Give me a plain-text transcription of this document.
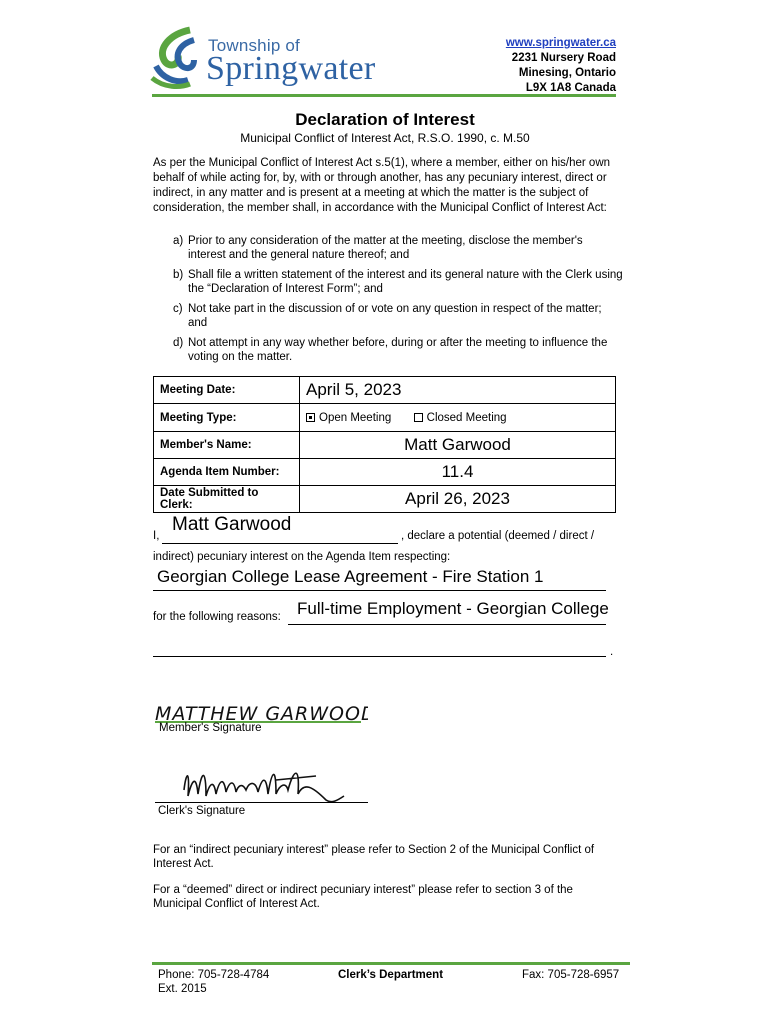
Township of
Springwater
www.springwater.ca
2231 Nursery Road
Minesing, Ontario
L9X 1A8 Canada
Declaration of Interest
Municipal Conflict of Interest Act, R.S.O. 1990, c. M.50
As per the Municipal Conflict of Interest Act s.5(1), where a member, either on his/her own behalf of while acting for, by, with or through another, has any pecuniary interest, direct or indirect, in any matter and is present at a meeting at which the matter is the subject of consideration, the member shall, in accordance with the Municipal Conflict of Interest Act:
a) Prior to any consideration of the matter at the meeting, disclose the member's interest and the general nature thereof; and
b) Shall file a written statement of the interest and its general nature with the Clerk using the “Declaration of Interest Form”; and
c) Not take part in the discussion of or vote on any question in respect of the matter; and
d) Not attempt in any way whether before, during or after the meeting to influence the voting on the matter.
Meeting Date:	April 5, 2023
Meeting Type:	Open Meeting Closed Meeting
Member's Name:	Matt Garwood
Agenda Item Number:	11.4
Date Submitted to Clerk:	April 26, 2023
I,
Matt Garwood
, declare a potential (deemed / direct /
indirect) pecuniary interest on the Agenda Item respecting:
Georgian College Lease Agreement - Fire Station 1
for the following reasons: Full-time Employment - Georgian College
.
MATTHEW GARWOOD
Member's Signature
Clerk's Signature
For an “indirect pecuniary interest” please refer to Section 2 of the Municipal Conflict of Interest Act.
For a “deemed” direct or indirect pecuniary interest” please refer to section 3 of the Municipal Conflict of Interest Act.
Phone: 705-728-4784
Ext. 2015
Clerk’s Department	Fax: 705-728-6957
